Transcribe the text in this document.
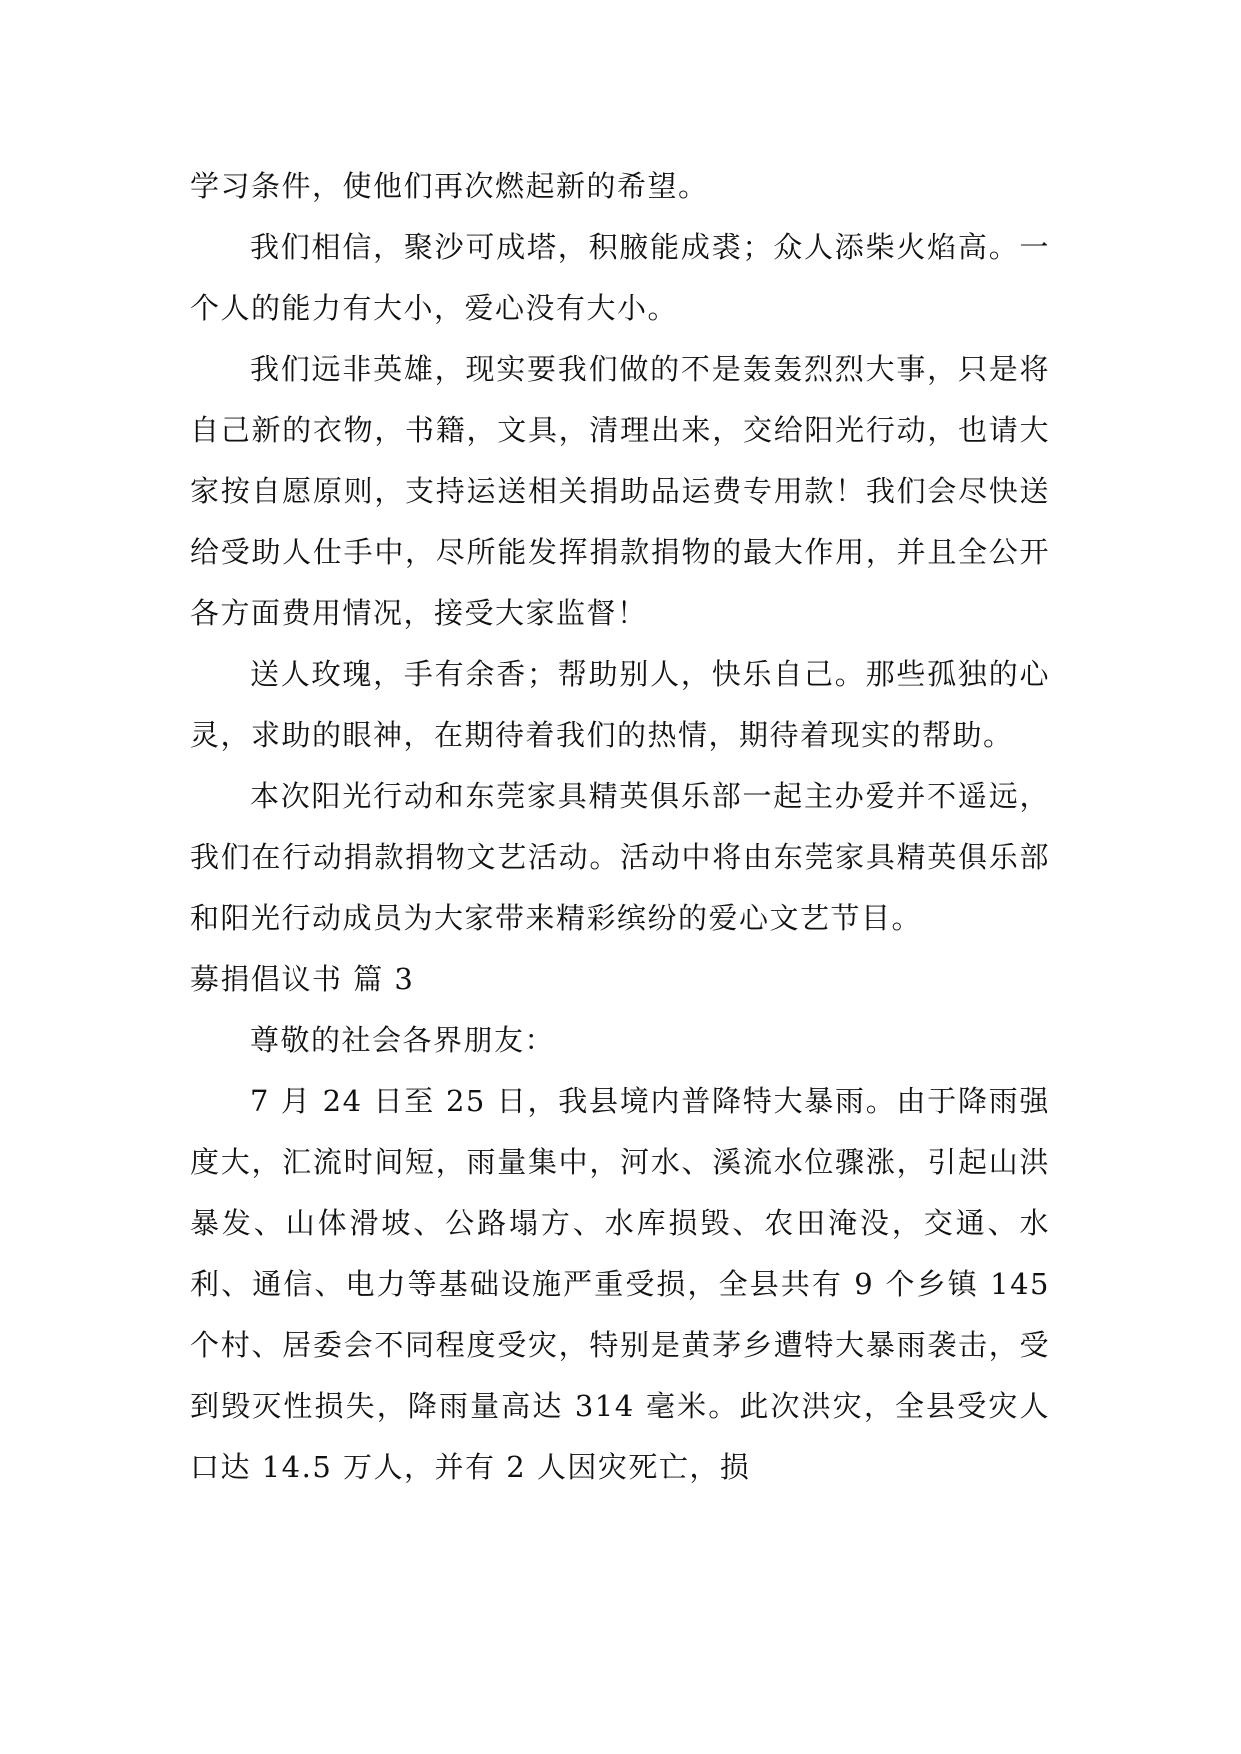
学习条件，使他们再次燃起新的希望。

我们相信，聚沙可成塔，积腋能成裘；众人添柴火焰高。一个人的能力有大小，爱心没有大小。

我们远非英雄，现实要我们做的不是轰轰烈烈大事，只是将自己新的衣物，书籍，文具，清理出来，交给阳光行动，也请大家按自愿原则，支持运送相关捐助品运费专用款！我们会尽快送给受助人仕手中，尽所能发挥捐款捐物的最大作用，并且全公开各方面费用情况，接受大家监督！

送人玫瑰，手有余香；帮助别人，快乐自己。那些孤独的心灵，求助的眼神，在期待着我们的热情，期待着现实的帮助。

本次阳光行动和东莞家具精英俱乐部一起主办爱并不遥远，我们在行动捐款捐物文艺活动。活动中将由东莞家具精英俱乐部和阳光行动成员为大家带来精彩缤纷的爱心文艺节目。

募捐倡议书 篇 3

尊敬的社会各界朋友：

7 月 24 日至 25 日，我县境内普降特大暴雨。由于降雨强度大，汇流时间短，雨量集中，河水、溪流水位骤涨，引起山洪暴发、山体滑坡、公路塌方、水库损毁、农田淹没，交通、水利、通信、电力等基础设施严重受损，全县共有 9 个乡镇 145 个村、居委会不同程度受灾，特别是黄茅乡遭特大暴雨袭击，受到毁灭性损失，降雨量高达 314 毫米。此次洪灾，全县受灾人口达 14.5 万人，并有 2 人因灾死亡，损
